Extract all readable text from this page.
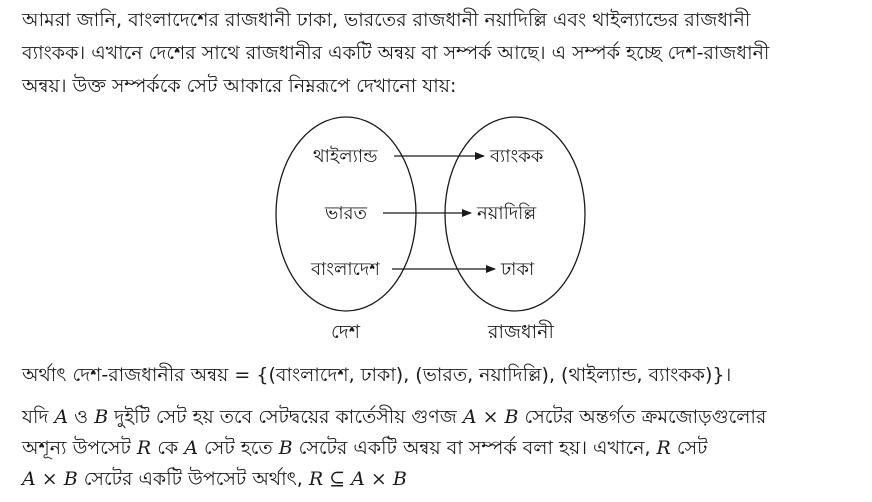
আমরা জানি, বাংলাদেশের রাজধানী ঢাকা, ভারতের রাজধানী নয়াদিল্লি এবং থাইল্যান্ডের রাজধানী
ব্যাংকক। এখানে দেশের সাথে রাজধানীর একটি অন্বয় বা সম্পর্ক আছে। এ সম্পর্ক হচ্ছে দেশ-রাজধানী
অন্বয়। উক্ত সম্পর্ককে সেট আকারে নিম্নরূপে দেখানো যায়:
থাইল্যান্ড
ভারত
বাংলাদেশ
ব্যাংকক
নয়াদিল্লি
ঢাকা
দেশ	রাজধানী
অর্থাৎ দেশ-রাজধানীর অন্বয় = {(বাংলাদেশ, ঢাকা), (ভারত, নয়াদিল্লি), (থাইল্যান্ড, ব্যাংকক)}।
যদি A ও B দুইটি সেট হয় তবে সেটদ্বয়ের কার্তেসীয় গুণজ A × B সেটের অন্তর্গত ক্রমজোড়গুলোর
অশূন্য উপসেট R কে A সেট হতে B সেটের একটি অন্বয় বা সম্পর্ক বলা হয়। এখানে, R সেট
A × B সেটের একটি উপসেট অর্থাৎ, R ⊆ A × B
